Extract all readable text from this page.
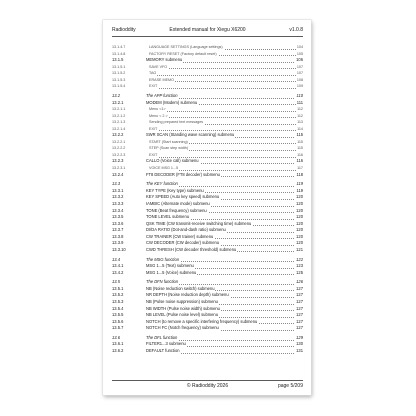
Radioddity	Extended manual for Xiegu X6200	v1.0.8
13.1.4.7	LANGUAGE SETTINGS (Language settings)	104
13.1.4.8	FACTORY RESET (Factory default reset)	105
13.1.5	MEMORY submenu	106
13.1.5.1	SAVE VFO	107
13.1.5.2	TAG	107
13.1.5.3	ERASE MEMO	108
13.1.5.4	EXIT	109
13.2	The APP function	110
13.2.1	MODEM (Modem) submenu	111
13.2.1.1	Menu <1>	112
13.2.1.2	Menu < 2 >	112
13.2.1.3	Sending prepared text messages	113
13.2.1.4	EXIT	114
13.2.2	SWR SCAN (Standing wave scanning) submenu	115
13.2.2.1	START (Start scanning)	115
13.2.2.2	STEP (Scan step width)	115
13.2.2.3	EXIT	116
13.2.3	CALLO (Voice call) submenu	116
13.2.3.1	VOICE MSG 1...5	117
13.2.4	FT8 DECODER (FT8 decoder) submenu	118
13.3	The KEY function	119
13.3.1	KEY TYPE (Key type) submenu	119
13.3.2	KEY SPEED (Auto key speed) submenu	120
13.3.3	IAMBIC (Alternate mode) submenu	120
13.3.4	TONE (Beat frequency) submenu	120
13.3.5	TONE LEVEL submenu	120
13.3.6	QSK TIME (CW transmit-receive switching time) submenu	120
13.3.7	DI/DA RATIO (Dot-and-dash ratio) submenu	120
13.3.8	CW TRAINER (CW trainer) submenu	120
13.3.9	CW DECODER (CW decoder) submenu	120
13.3.10	CWD THRESH (CW decoder threshold) submenu	121
13.4	The MSG function	122
13.4.1	MSG 1...5 (Text) submenu	123
13.4.2	MSG 1...5 (Voice) submenu	125
13.5	The DFN function	126
13.5.1	NB (Noise reduction switch) submenu	127
13.5.2	NR DEPTH (Noise reduction depth) submenu	127
13.5.3	NB (Pulse noise suppression) submenu	127
13.5.4	NB WIDTH (Pulse noise width) submenu	127
13.5.5	NB LEVEL (Pulse noise level) submenu	127
13.5.6	NOTCH (to remove a specific interfering frequency) submenu	127
13.5.7	NOTCH FC (Notch frequency) submenu	127
13.6	The DFL function	129
13.6.1	FILTER1...3 submenu	130
13.6.2	DEFAULT function	131
© Radioddity 2026	page 5/209
